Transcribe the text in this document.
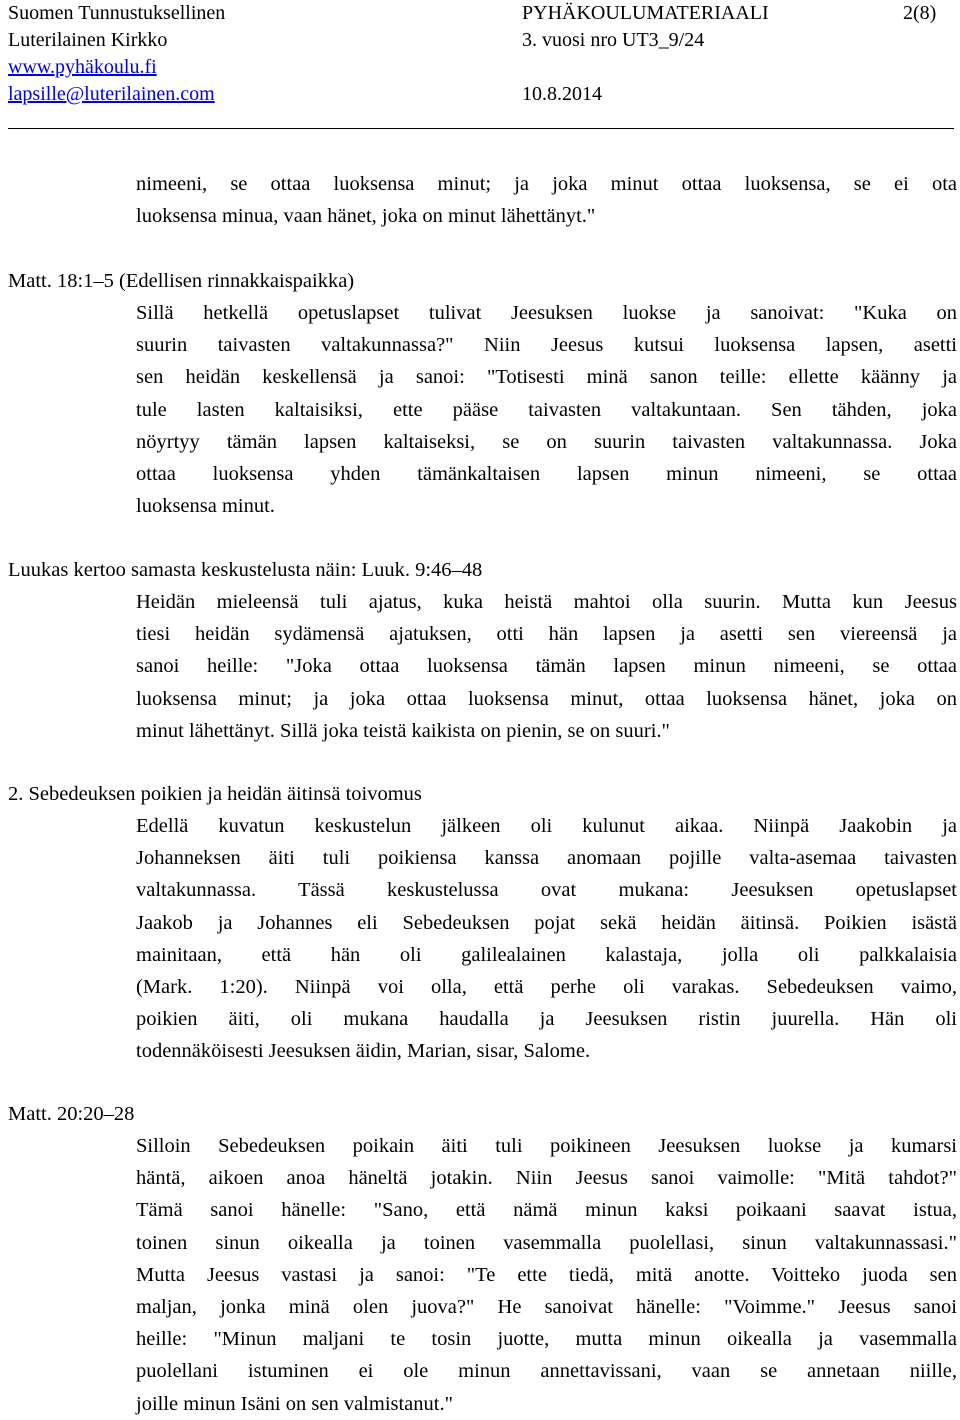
Suomen Tunnustuksellinen
Luterilainen Kirkko
www.pyhäkoulu.fi
lapsille@luterilainen.com
PYHÄKOULUMATERIAALI
3. vuosi nro UT3_9/24

10.8.2014
2(8)

nimeeni, se ottaa luoksensa minut; ja joka minut ottaa luoksensa, se ei ota

luoksensa minua, vaan hänet, joka on minut lähettänyt."

Matt. 18:1–5 (Edellisen rinnakkaispaikka)

Sillä hetkellä opetuslapset tulivat Jeesuksen luokse ja sanoivat: "Kuka on

suurin taivasten valtakunnassa?" Niin Jeesus kutsui luoksensa lapsen, asetti

sen heidän keskellensä ja sanoi: "Totisesti minä sanon teille: ellette käänny ja

tule lasten kaltaisiksi, ette pääse taivasten valtakuntaan. Sen tähden, joka

nöyrtyy tämän lapsen kaltaiseksi, se on suurin taivasten valtakunnassa. Joka

ottaa luoksensa yhden tämänkaltaisen lapsen minun nimeeni, se ottaa

luoksensa minut.

Luukas kertoo samasta keskustelusta näin: Luuk. 9:46–48

Heidän mieleensä tuli ajatus, kuka heistä mahtoi olla suurin. Mutta kun Jeesus

tiesi heidän sydämensä ajatuksen, otti hän lapsen ja asetti sen viereensä ja

sanoi heille: "Joka ottaa luoksensa tämän lapsen minun nimeeni, se ottaa

luoksensa minut; ja joka ottaa luoksensa minut, ottaa luoksensa hänet, joka on

minut lähettänyt. Sillä joka teistä kaikista on pienin, se on suuri."

2. Sebedeuksen poikien ja heidän äitinsä toivomus

Edellä kuvatun keskustelun jälkeen oli kulunut aikaa. Niinpä Jaakobin ja

Johanneksen äiti tuli poikiensa kanssa anomaan pojille valta-asemaa taivasten

valtakunnassa. Tässä keskustelussa ovat mukana: Jeesuksen opetuslapset

Jaakob ja Johannes eli Sebedeuksen pojat sekä heidän äitinsä. Poikien isästä

mainitaan, että hän oli galilealainen kalastaja, jolla oli palkkalaisia

(Mark. 1:20). Niinpä voi olla, että perhe oli varakas. Sebedeuksen vaimo,

poikien äiti, oli mukana haudalla ja Jeesuksen ristin juurella. Hän oli

todennäköisesti Jeesuksen äidin, Marian, sisar, Salome.

Matt. 20:20–28

Silloin Sebedeuksen poikain äiti tuli poikineen Jeesuksen luokse ja kumarsi

häntä, aikoen anoa häneltä jotakin. Niin Jeesus sanoi vaimolle: "Mitä tahdot?"

Tämä sanoi hänelle: "Sano, että nämä minun kaksi poikaani saavat istua,

toinen sinun oikealla ja toinen vasemmalla puolellasi, sinun valtakunnassasi."

Mutta Jeesus vastasi ja sanoi: "Te ette tiedä, mitä anotte. Voitteko juoda sen

maljan, jonka minä olen juova?" He sanoivat hänelle: "Voimme." Jeesus sanoi

heille: "Minun maljani te tosin juotte, mutta minun oikealla ja vasemmalla

puolellani istuminen ei ole minun annettavissani, vaan se annetaan niille,

joille minun Isäni on sen valmistanut."
